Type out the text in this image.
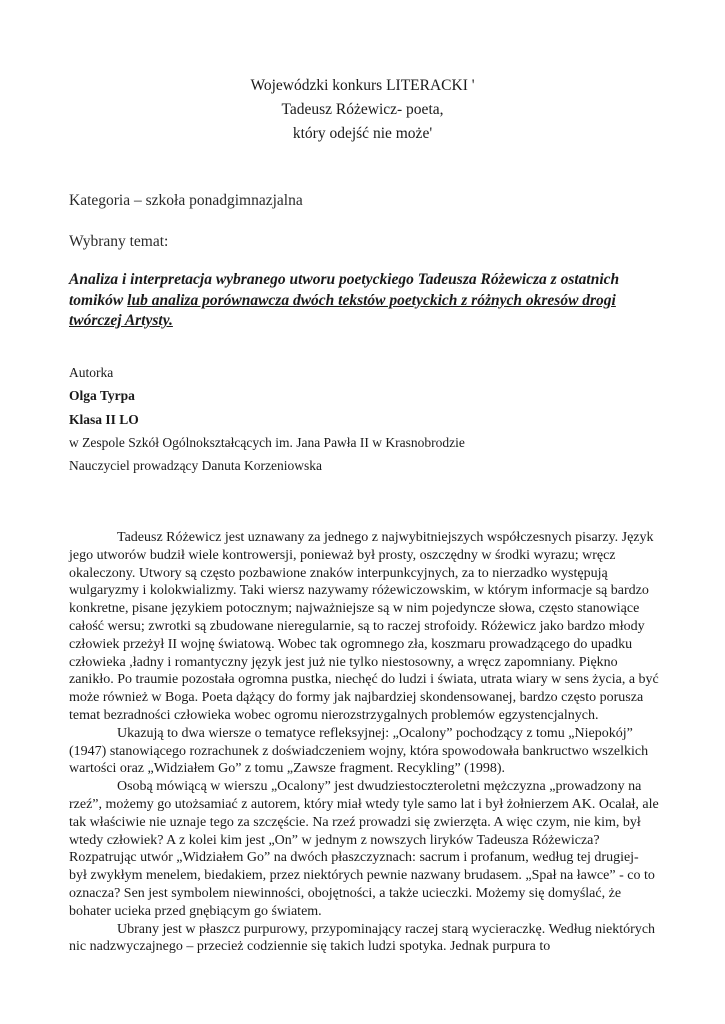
Wojewódzki konkurs LITERACKI '
Tadeusz Różewicz- poeta,
który odejść nie może'
Kategoria – szkoła ponadgimnazjalna
Wybrany temat:
Analiza i interpretacja wybranego utworu poetyckiego Tadeusza Różewicza z ostatnich tomików lub analiza porównawcza dwóch tekstów poetyckich z różnych okresów drogi twórczej Artysty.
Autorka
Olga Tyrpa
Klasa II LO
w Zespole Szkół Ogólnokształcących im. Jana Pawła II w Krasnobrodzie
Nauczyciel prowadzący Danuta Korzeniowska

Tadeusz Różewicz jest uznawany za jednego z najwybitniejszych współczesnych pisarzy. Język jego utworów budził wiele kontrowersji, ponieważ był prosty, oszczędny w środki wyrazu; wręcz okaleczony. Utwory są często pozbawione znaków interpunkcyjnych, za to nierzadko występują wulgaryzmy i kolokwializmy. Taki wiersz nazywamy różewiczowskim, w którym informacje są bardzo konkretne, pisane językiem potocznym; najważniejsze są w nim pojedyncze słowa, często stanowiące całość wersu; zwrotki są zbudowane nieregularnie, są to raczej strofoidy. Różewicz jako bardzo młody człowiek przeżył II wojnę światową. Wobec tak ogromnego zła, koszmaru prowadzącego do upadku człowieka ,ładny i romantyczny język jest już nie tylko niestosowny, a wręcz zapomniany. Piękno zanikło. Po traumie pozostała ogromna pustka, niechęć do ludzi i świata, utrata wiary w sens życia, a być może również w Boga. Poeta dążący do formy jak najbardziej skondensowanej, bardzo często porusza temat bezradności człowieka wobec ogromu nierozstrzygalnych problemów egzystencjalnych.

Ukazują to dwa wiersze o tematyce refleksyjnej: „Ocalony” pochodzący z tomu „Niepokój” (1947) stanowiącego rozrachunek z doświadczeniem wojny, która spowodowała bankructwo wszelkich wartości oraz „Widziałem Go” z tomu „Zawsze fragment. Recykling” (1998).

Osobą mówiącą w wierszu „Ocalony” jest dwudziestoczteroletni mężczyzna „prowadzony na rzeź”, możemy go utożsamiać z autorem, który miał wtedy tyle samo lat i był żołnierzem AK. Ocalał, ale tak właściwie nie uznaje tego za szczęście. Na rzeź prowadzi się zwierzęta. A więc czym, nie kim, był wtedy człowiek? A z kolei kim jest „On” w jednym z nowszych liryków Tadeusza Różewicza? Rozpatrując utwór „Widziałem Go” na dwóch płaszczyznach: sacrum i profanum, według tej drugiej- był zwykłym menelem, biedakiem, przez niektórych pewnie nazwany brudasem. „Spał na ławce” - co to oznacza? Sen jest symbolem niewinności, obojętności, a także ucieczki. Możemy się domyślać, że bohater ucieka przed gnębiącym go światem.

Ubrany jest w płaszcz purpurowy, przypominający raczej starą wycieraczkę. Według niektórych nic nadzwyczajnego – przecież codziennie się takich ludzi spotyka. Jednak purpura to
